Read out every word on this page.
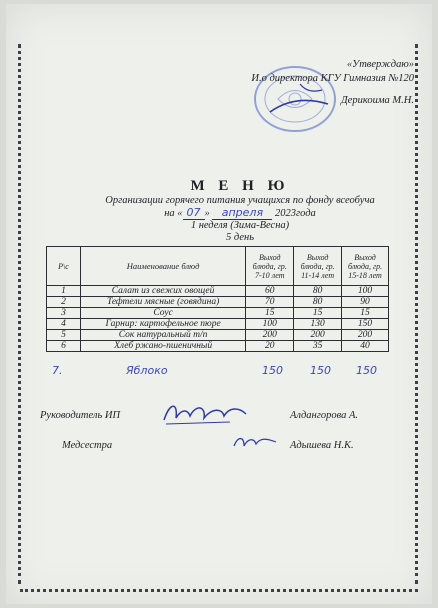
«Утверждаю»
И.о директора КГУ Гимназия №120
Дерикоима М.Н.
М Е Н Ю
Организации горячего питания учащихся по фонду всеобуча
на « 07 » апреля 2023года
1 неделя (Зима-Весна)
5 день
Р\с	Наименование блюд	Выход блюда, гр. 7-10 лет	Выход блюда, гр. 11-14 лет	Выход блюда, гр. 15-18 лет
1	Салат из свежих овощей	60	80	100
2	Тефтели мясные (говядина)	70	80	90
3	Соус	15	15	15
4	Гарнир: картофельное пюре	100	130	150
5	Сок натуральный т/п	200	200	200
6	Хлеб ржано-пшеничный	20	35	40
7.	Яблоко	150 150 150
Руководитель ИП	Алдангорова А.
Медсестра	Адышева Н.К.
